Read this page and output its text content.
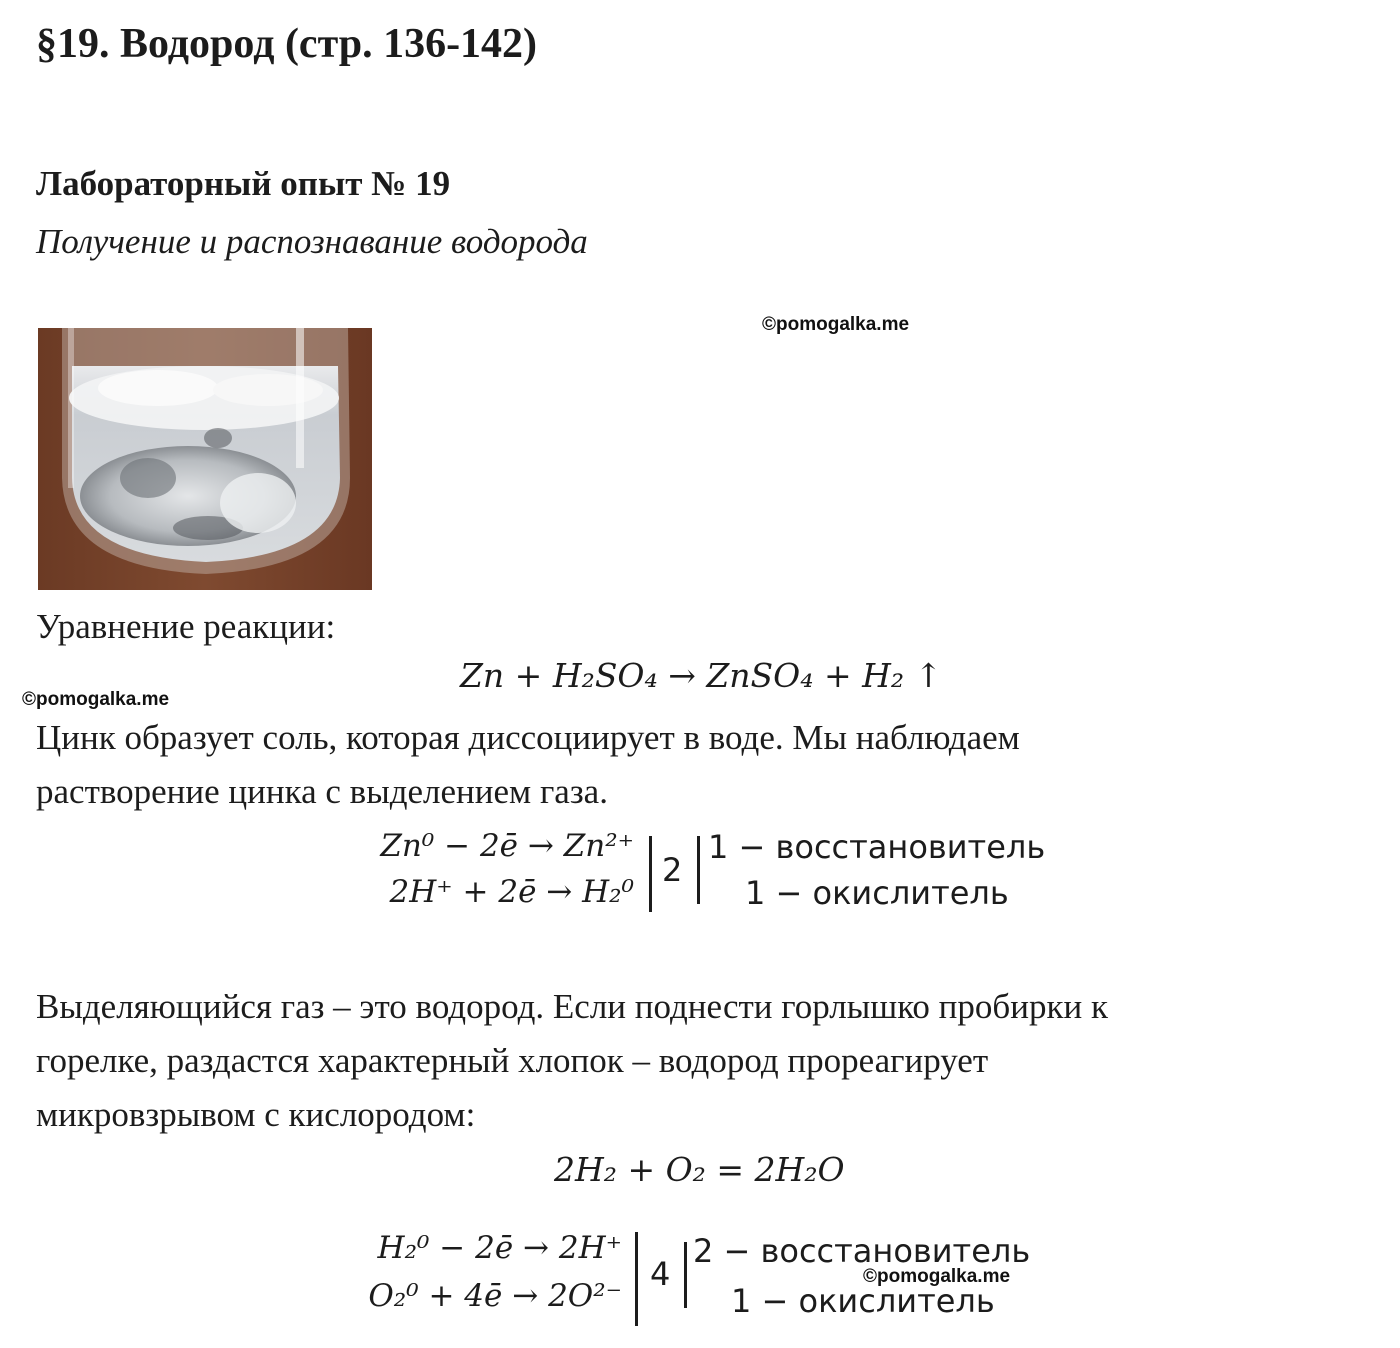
§19. Водород (стр. 136-142)
Лабораторный опыт № 19
Получение и распознавание водорода
©pomogalka.me
Уравнение реакции:
Zn + H₂SO₄ → ZnSO₄ + H₂ ↑
©pomogalka.me
Цинк образует соль, которая диссоциирует в воде. Мы наблюдаем
растворение цинка с выделением газа.
Zn⁰ − 2ē → Zn²⁺
2H⁺ + 2ē → H₂⁰
2
1 − восстановитель
1 − окислитель
Выделяющийся газ – это водород. Если поднести горлышко пробирки к
горелке, раздастся характерный хлопок – водород прореагирует
микровзрывом с кислородом:
2H₂ + O₂ = 2H₂O
H₂⁰ − 2ē → 2H⁺
O₂⁰ + 4ē → 2O²⁻
4
2 − восстановитель
©pomogalka.me
1 − окислитель
